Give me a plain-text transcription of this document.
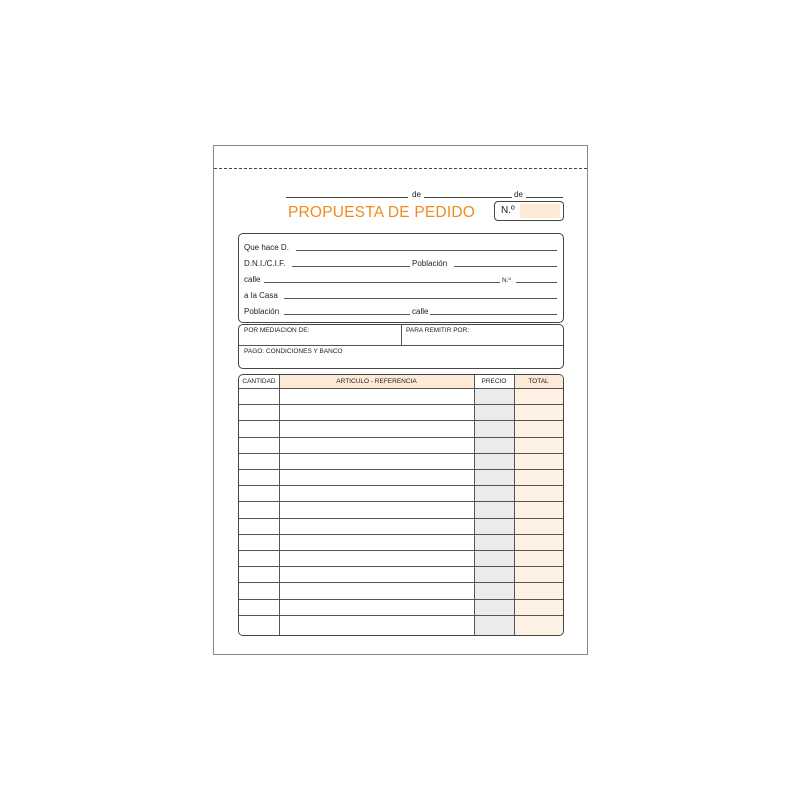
de	de
PROPUESTA DE PEDIDO	N.º
Que hace D.
D.N.I./C.I.F.	Población
calle	N.º
a la Casa
Población	calle
POR MEDIACION DE:	PARA REMITIR POR:
PAGO: CONDICIONES Y BANCO
CANTIDAD	ARTICULO - REFERENCIA	PRECIO	TOTAL
